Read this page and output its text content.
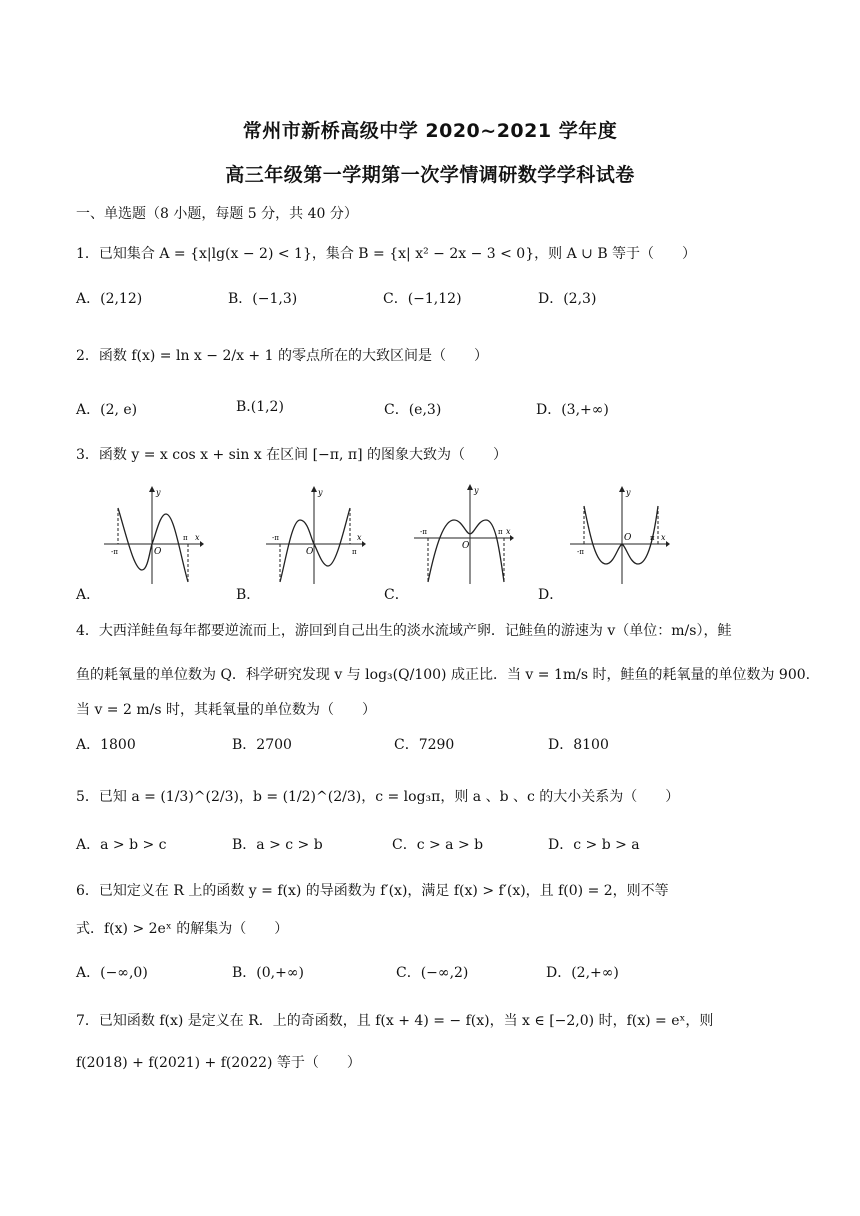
常州市新桥高级中学 2020~2021 学年度
高三年级第一学期第一次学情调研数学学科试卷
一、单选题（8 小题，每题 5 分，共 40 分）
1．已知集合 A = {x|lg(x − 2) < 1}，集合 B = {x| x² − 2x − 3 < 0}，则 A ∪ B 等于（　　）
A．(2,12)	B．(−1,3)	C．(−1,12)	D．(2,3)
2．函数 f(x) = ln x − 2/x + 1 的零点所在的大致区间是（　　）
A．(2, e)	B.(1,2)	C．(e,3)	D．(3,+∞)
3．函数 y = x cos x + sin x 在区间 [−π, π] 的图象大致为（　　）
y
x
O
-π
π
A．
y
x
O
-π
π
B．
y
x
O
-π	π
C．
y
x
O
-π
π
D．
4．大西洋鲑鱼每年都要逆流而上，游回到自己出生的淡水流域产卵．记鲑鱼的游速为 v（单位：m/s），鲑
鱼的耗氧量的单位数为 Q．科学研究发现 v 与 log₃(Q/100) 成正比．当 v = 1m/s 时，鲑鱼的耗氧量的单位数为 900.
当 v = 2 m/s 时，其耗氧量的单位数为（　　）
A．1800	B．2700	C．7290	D．8100
5．已知 a = (1/3)^(2/3)，b = (1/2)^(2/3)，c = log₃π，则 a 、b 、c 的大小关系为（　　）
A．a > b > c	B．a > c > b	C．c > a > b	D．c > b > a
6．已知定义在 R 上的函数 y = f(x) 的导函数为 f′(x)，满足 f(x) > f′(x)，且 f(0) = 2，则不等
式．f(x) > 2eˣ 的解集为（　　）
A．(−∞,0)	B．(0,+∞)	C．(−∞,2)	D．(2,+∞)
7．已知函数 f(x) 是定义在 R．上的奇函数，且 f(x + 4) = − f(x)，当 x ∈ [−2,0) 时，f(x) = eˣ，则
f(2018) + f(2021) + f(2022) 等于（　　）
